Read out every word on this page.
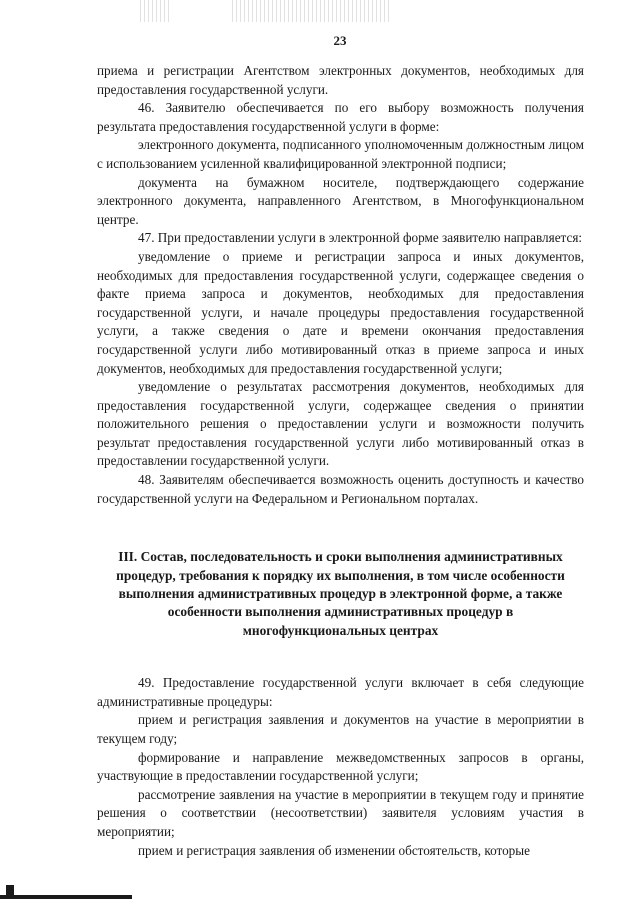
23

приема и регистрации Агентством электронных документов, необходимых для предоставления государственной услуги.

46. Заявителю обеспечивается по его выбору возможность получения результата предоставления государственной услуги в форме:

электронного документа, подписанного уполномоченным должностным лицом с использованием усиленной квалифицированной электронной подписи;

документа на бумажном носителе, подтверждающего содержание электронного документа, направленного Агентством, в Многофункциональном центре.

47. При предоставлении услуги в электронной форме заявителю направляется:

уведомление о приеме и регистрации запроса и иных документов, необходимых для предоставления государственной услуги, содержащее сведения о факте приема запроса и документов, необходимых для предоставления государственной услуги, и начале процедуры предоставления государственной услуги, а также сведения о дате и времени окончания предоставления государственной услуги либо мотивированный отказ в приеме запроса и иных документов, необходимых для предоставления государственной услуги;

уведомление о результатах рассмотрения документов, необходимых для предоставления государственной услуги, содержащее сведения о принятии положительного решения о предоставлении услуги и возможности получить результат предоставления государственной услуги либо мотивированный отказ в предоставлении государственной услуги.

48. Заявителям обеспечивается возможность оценить доступность и качество государственной услуги на Федеральном и Региональном порталах.

III. Состав, последовательность и сроки выполнения административных процедур, требования к порядку их выполнения, в том числе особенности выполнения административных процедур в электронной форме, а также особенности выполнения административных процедур в многофункциональных центрах

49. Предоставление государственной услуги включает в себя следующие административные процедуры:

прием и регистрация заявления и документов на участие в мероприятии в текущем году;

формирование и направление межведомственных запросов в органы, участвующие в предоставлении государственной услуги;

рассмотрение заявления на участие в мероприятии в текущем году и принятие решения о соответствии (несоответствии) заявителя условиям участия в мероприятии;

прием и регистрация заявления об изменении обстоятельств, которые
